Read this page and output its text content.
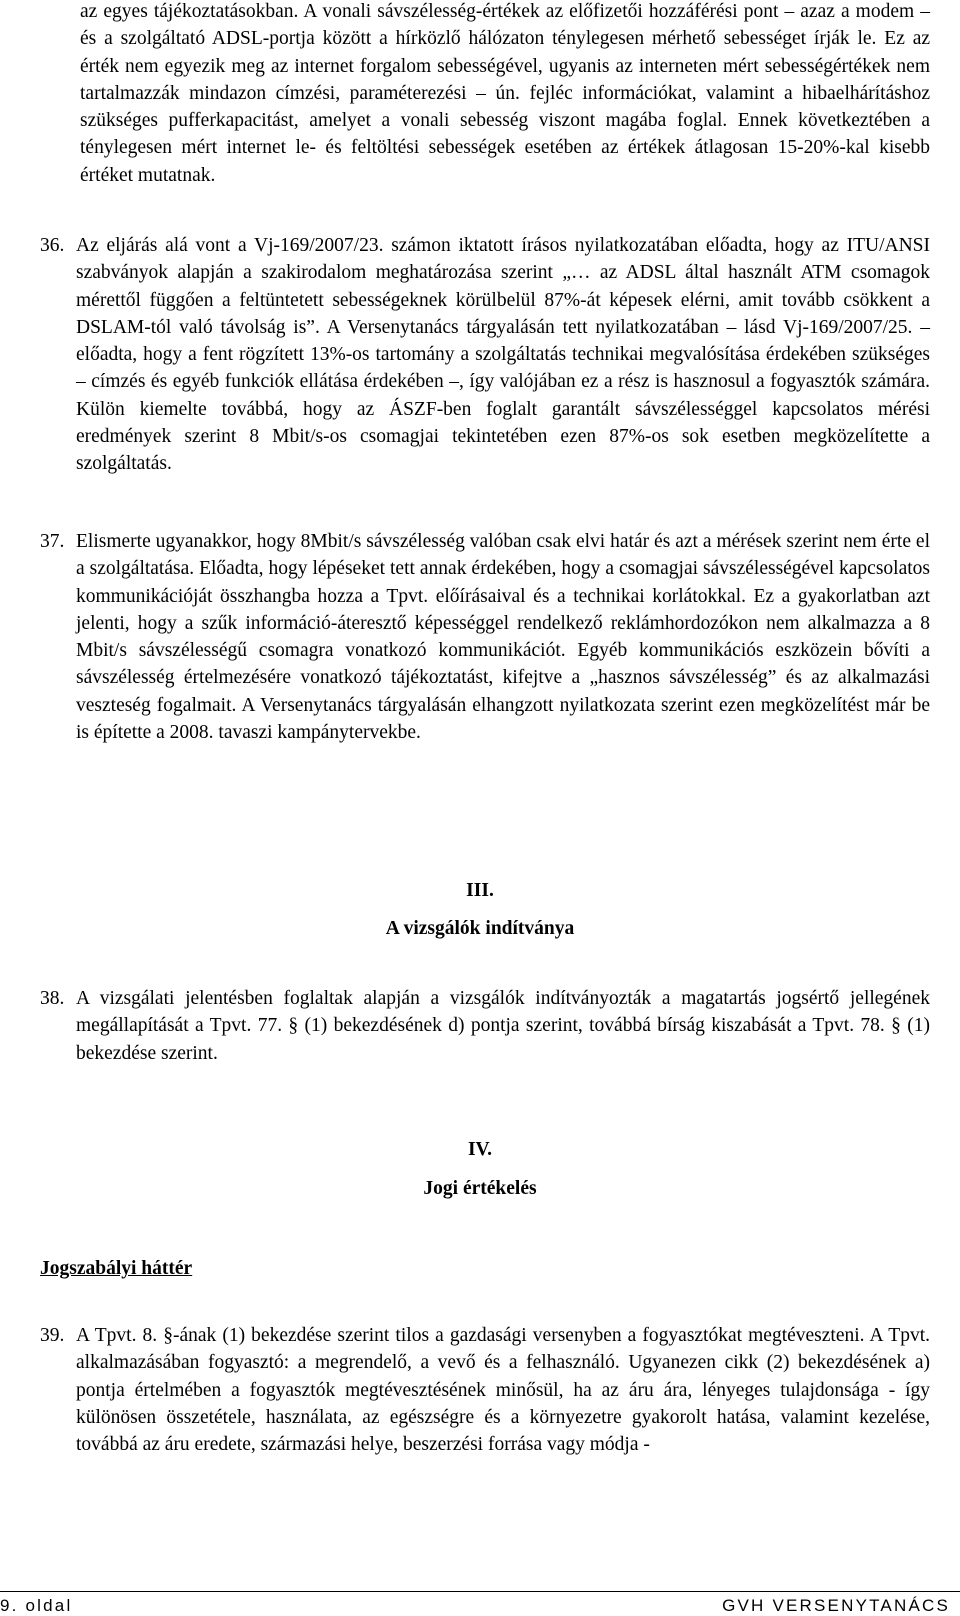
az egyes tájékoztatásokban. A vonali sávszélesség-értékek az előfizetői hozzáférési pont – azaz a modem – és a szolgáltató ADSL-portja között a hírközlő hálózaton ténylegesen mérhető sebességet írják le. Ez az érték nem egyezik meg az internet forgalom sebességével, ugyanis az interneten mért sebességértékek nem tartalmazzák mindazon címzési, paraméterezési – ún. fejléc információkat, valamint a hibaelhárításhoz szükséges pufferkapacitást, amelyet a vonali sebesség viszont magába foglal. Ennek következtében a ténylegesen mért internet le- és feltöltési sebességek esetében az értékek átlagosan 15-20%-kal kisebb értéket mutatnak.

36. Az eljárás alá vont a Vj-169/2007/23. számon iktatott írásos nyilatkozatában előadta, hogy az ITU/ANSI szabványok alapján a szakirodalom meghatározása szerint „… az ADSL által használt ATM csomagok mérettől függően a feltüntetett sebességeknek körülbelül 87%-át képesek elérni, amit tovább csökkent a DSLAM-tól való távolság is”. A Versenytanács tárgyalásán tett nyilatkozatában – lásd Vj-169/2007/25. – előadta, hogy a fent rögzített 13%-os tartomány a szolgáltatás technikai megvalósítása érdekében szükséges – címzés és egyéb funkciók ellátása érdekében –, így valójában ez a rész is hasznosul a fogyasztók számára. Külön kiemelte továbbá, hogy az ÁSZF-ben foglalt garantált sávszélességgel kapcsolatos mérési eredmények szerint 8 Mbit/s-os csomagjai tekintetében ezen 87%-os sok esetben megközelítette a szolgáltatás.
37. Elismerte ugyanakkor, hogy 8Mbit/s sávszélesség valóban csak elvi határ és azt a mérések szerint nem érte el a szolgáltatása. Előadta, hogy lépéseket tett annak érdekében, hogy a csomagjai sávszélességével kapcsolatos kommunikációját összhangba hozza a Tpvt. előírásaival és a technikai korlátokkal. Ez a gyakorlatban azt jelenti, hogy a szűk információ-áteresztő képességgel rendelkező reklámhordozókon nem alkalmazza a 8 Mbit/s sávszélességű csomagra vonatkozó kommunikációt. Egyéb kommunikációs eszközein bővíti a sávszélesség értelmezésére vonatkozó tájékoztatást, kifejtve a „hasznos sávszélesség” és az alkalmazási veszteség fogalmait. A Versenytanács tárgyalásán elhangzott nyilatkozata szerint ezen megközelítést már be is építette a 2008. tavaszi kampánytervekbe.

III.

A vizsgálók indítványa

38. A vizsgálati jelentésben foglaltak alapján a vizsgálók indítványozták a magatartás jogsértő jellegének megállapítását a Tpvt. 77. § (1) bekezdésének d) pontja szerint, továbbá bírság kiszabását a Tpvt. 78. § (1) bekezdése szerint.

IV.

Jogi értékelés

Jogszabályi háttér

39. A Tpvt. 8. §-ának (1) bekezdése szerint tilos a gazdasági versenyben a fogyasztókat megtéveszteni. A Tpvt. alkalmazásában fogyasztó: a megrendelő, a vevő és a felhasználó. Ugyanezen cikk (2) bekezdésének a) pontja értelmében a fogyasztók megtévesztésének minősül, ha az áru ára, lényeges tulajdonsága - így különösen összetétele, használata, az egészségre és a környezetre gyakorolt hatása, valamint kezelése, továbbá az áru eredete, származási helye, beszerzési forrása vagy módja -
9. oldal	GVH VERSENYTANÁCS
